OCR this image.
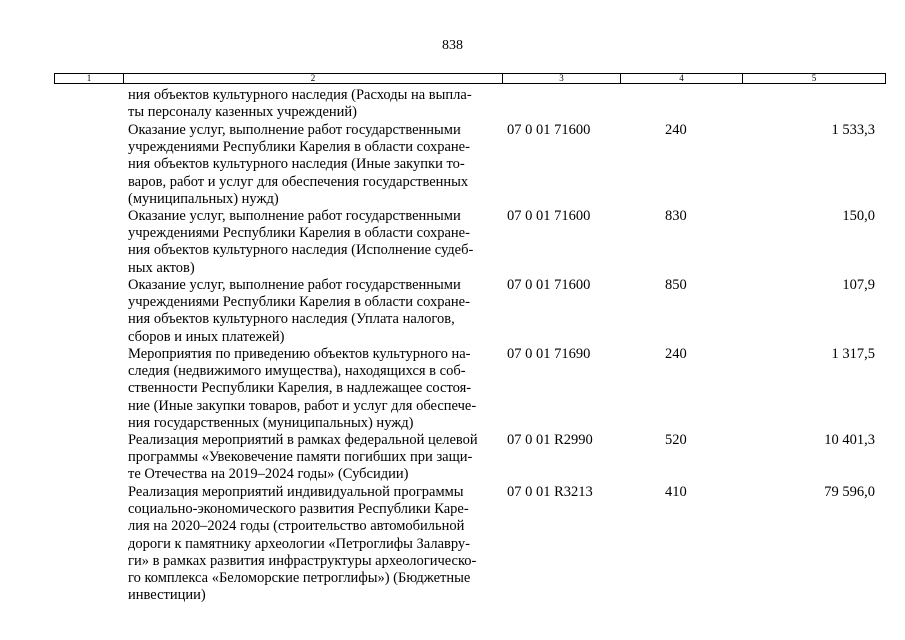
838
1	2	3	4	5
ния объектов культурного наследия (Расходы на выпла-
ты персоналу казенных учреждений)
Оказание услуг, выполнение работ государственными
учреждениями Республики Карелия в области сохране-
ния объектов культурного наследия (Иные закупки то-
варов, работ и услуг для обеспечения государственных
(муниципальных) нужд)
07 0 01 71600	240	1 533,3
Оказание услуг, выполнение работ государственными
учреждениями Республики Карелия в области сохране-
ния объектов культурного наследия (Исполнение судеб-
ных актов)
07 0 01 71600	830	150,0
Оказание услуг, выполнение работ государственными
учреждениями Республики Карелия в области сохране-
ния объектов культурного наследия (Уплата налогов,
сборов и иных платежей)
07 0 01 71600	850	107,9
Мероприятия по приведению объектов культурного на-
следия (недвижимого имущества), находящихся в соб-
ственности Республики Карелия, в надлежащее состоя-
ние (Иные закупки товаров, работ и услуг для обеспече-
ния государственных (муниципальных) нужд)
07 0 01 71690	240	1 317,5
Реализация мероприятий в рамках федеральной целевой
программы «Увековечение памяти погибших при защи-
те Отечества на 2019–2024 годы» (Субсидии)
07 0 01 R2990	520	10 401,3
Реализация мероприятий индивидуальной программы
социально-экономического развития Республики Каре-
лия на 2020–2024 годы (строительство автомобильной
дороги к памятнику археологии «Петроглифы Залавру-
ги» в рамках развития инфраструктуры археологическо-
го комплекса «Беломорские петроглифы») (Бюджетные
инвестиции)
07 0 01 R3213	410	79 596,0
